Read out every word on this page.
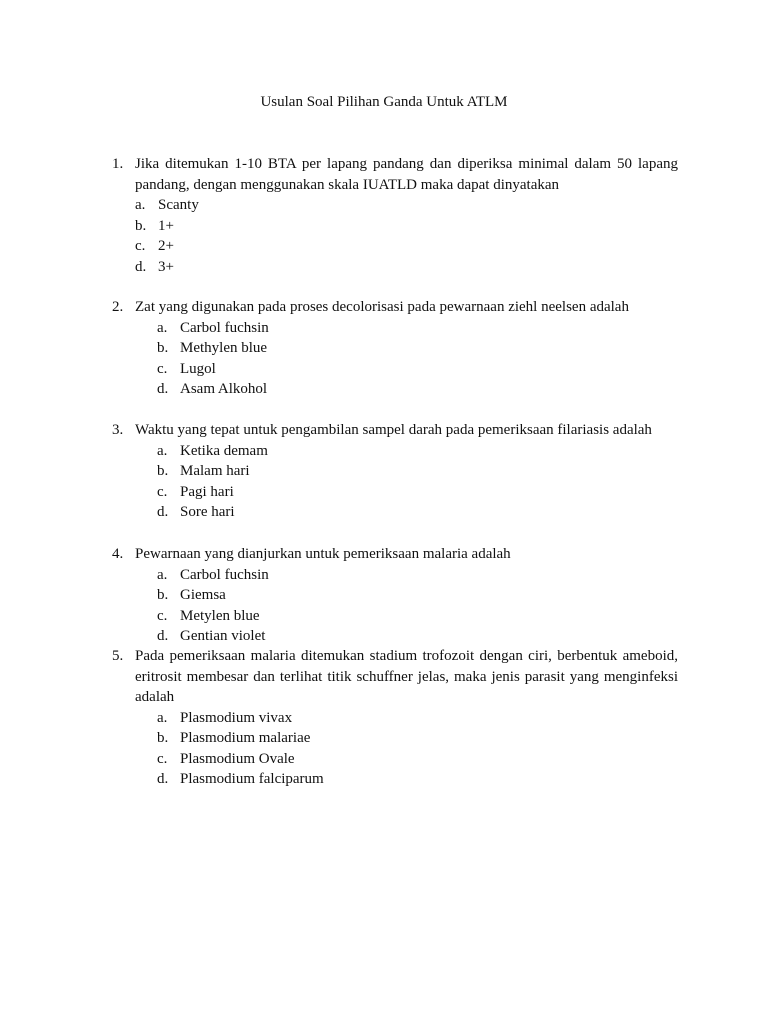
Usulan Soal Pilihan Ganda Untuk ATLM
1. Jika ditemukan 1-10 BTA per lapang pandang dan diperiksa minimal dalam 50 lapang pandang, dengan menggunakan skala IUATLD maka dapat dinyatakan
a. Scanty
b. 1+
c. 2+
d. 3+
2. Zat yang digunakan pada proses decolorisasi pada pewarnaan ziehl neelsen adalah
a. Carbol fuchsin
b. Methylen blue
c. Lugol
d. Asam Alkohol
3. Waktu yang tepat untuk pengambilan sampel darah pada pemeriksaan filariasis adalah
a. Ketika demam
b. Malam hari
c. Pagi hari
d. Sore hari
4. Pewarnaan yang dianjurkan untuk pemeriksaan malaria adalah
a. Carbol fuchsin
b. Giemsa
c. Metylen blue
d. Gentian violet
5. Pada pemeriksaan malaria ditemukan stadium trofozoit dengan ciri, berbentuk ameboid, eritrosit membesar dan terlihat titik schuffner jelas, maka jenis parasit yang menginfeksi adalah
a. Plasmodium vivax
b. Plasmodium malariae
c. Plasmodium Ovale
d. Plasmodium falciparum
